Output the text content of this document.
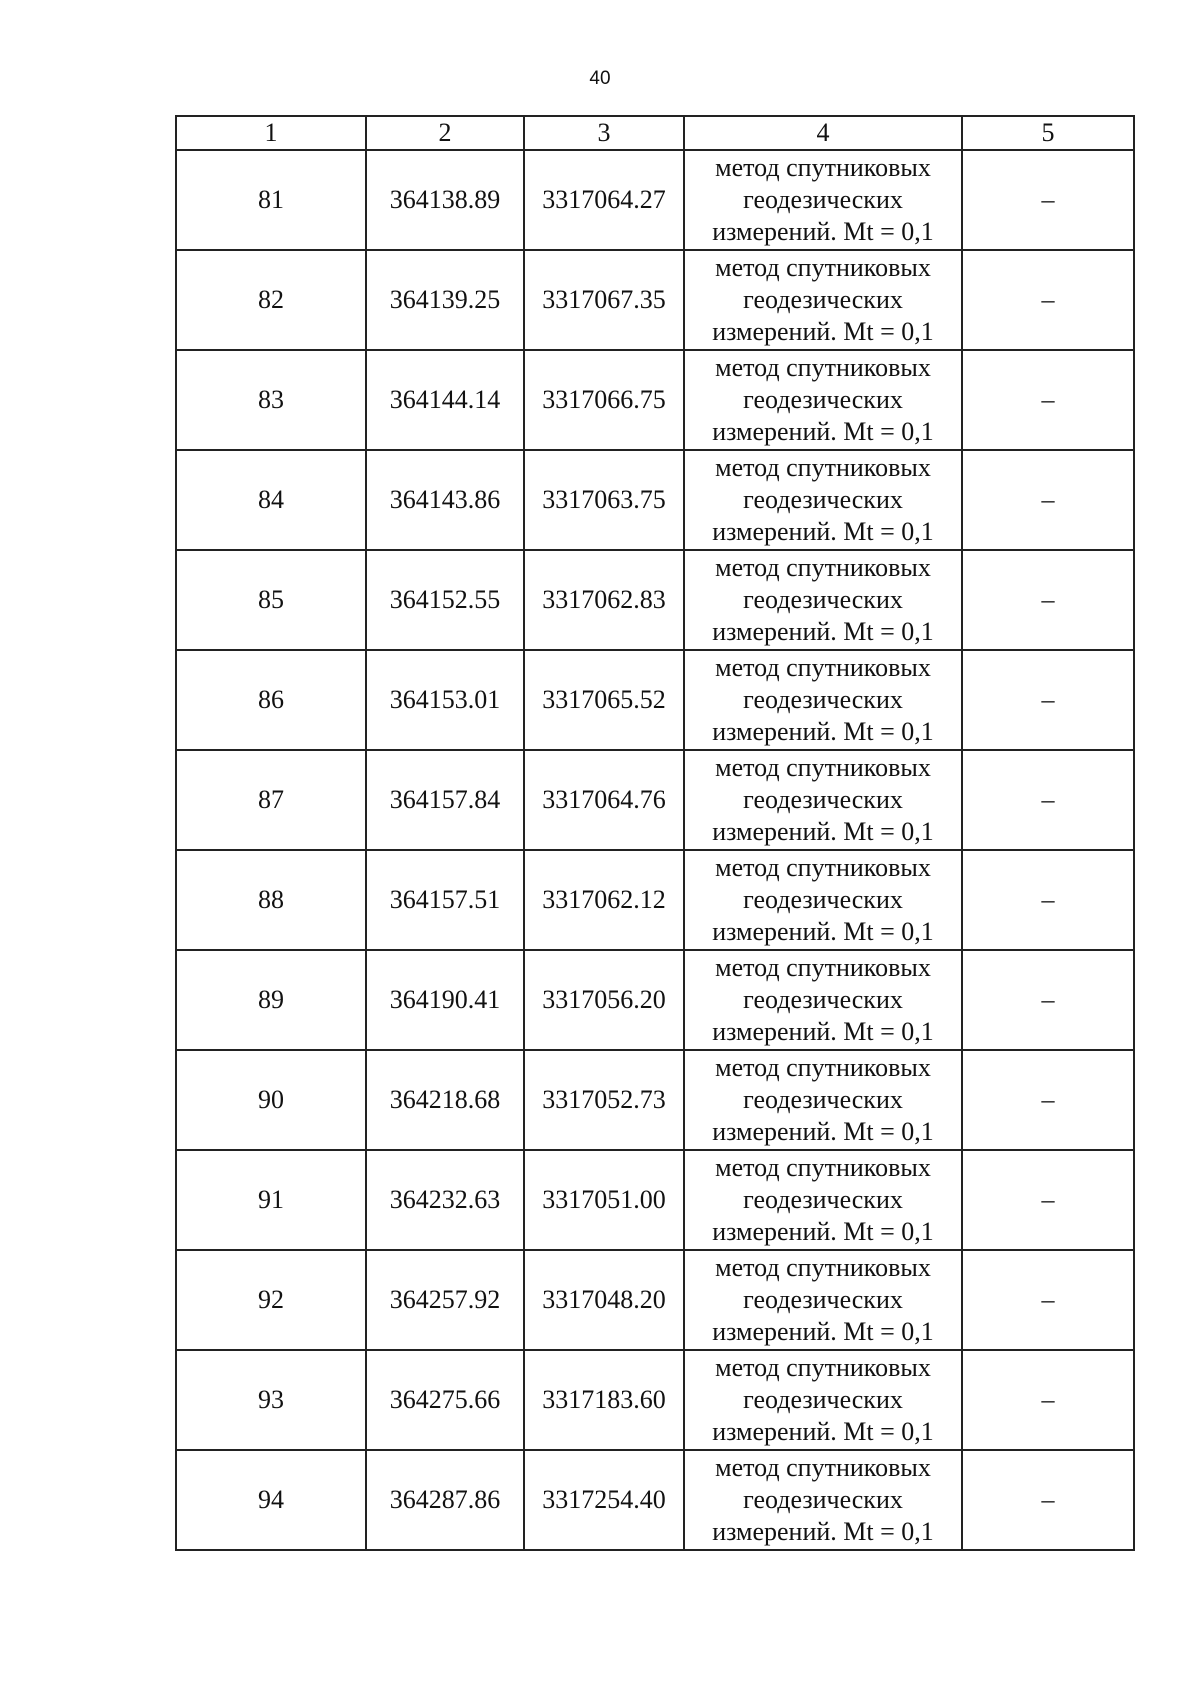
40
1	2	3	4	5
81	364138.89	3317064.27	метод спутниковых
геодезических
измерений. Mt = 0,1	–
82	364139.25	3317067.35	метод спутниковых
геодезических
измерений. Mt = 0,1	–
83	364144.14	3317066.75	метод спутниковых
геодезических
измерений. Mt = 0,1	–
84	364143.86	3317063.75	метод спутниковых
геодезических
измерений. Mt = 0,1	–
85	364152.55	3317062.83	метод спутниковых
геодезических
измерений. Mt = 0,1	–
86	364153.01	3317065.52	метод спутниковых
геодезических
измерений. Mt = 0,1	–
87	364157.84	3317064.76	метод спутниковых
геодезических
измерений. Mt = 0,1	–
88	364157.51	3317062.12	метод спутниковых
геодезических
измерений. Mt = 0,1	–
89	364190.41	3317056.20	метод спутниковых
геодезических
измерений. Mt = 0,1	–
90	364218.68	3317052.73	метод спутниковых
геодезических
измерений. Mt = 0,1	–
91	364232.63	3317051.00	метод спутниковых
геодезических
измерений. Mt = 0,1	–
92	364257.92	3317048.20	метод спутниковых
геодезических
измерений. Mt = 0,1	–
93	364275.66	3317183.60	метод спутниковых
геодезических
измерений. Mt = 0,1	–
94	364287.86	3317254.40	метод спутниковых
геодезических
измерений. Mt = 0,1	–
